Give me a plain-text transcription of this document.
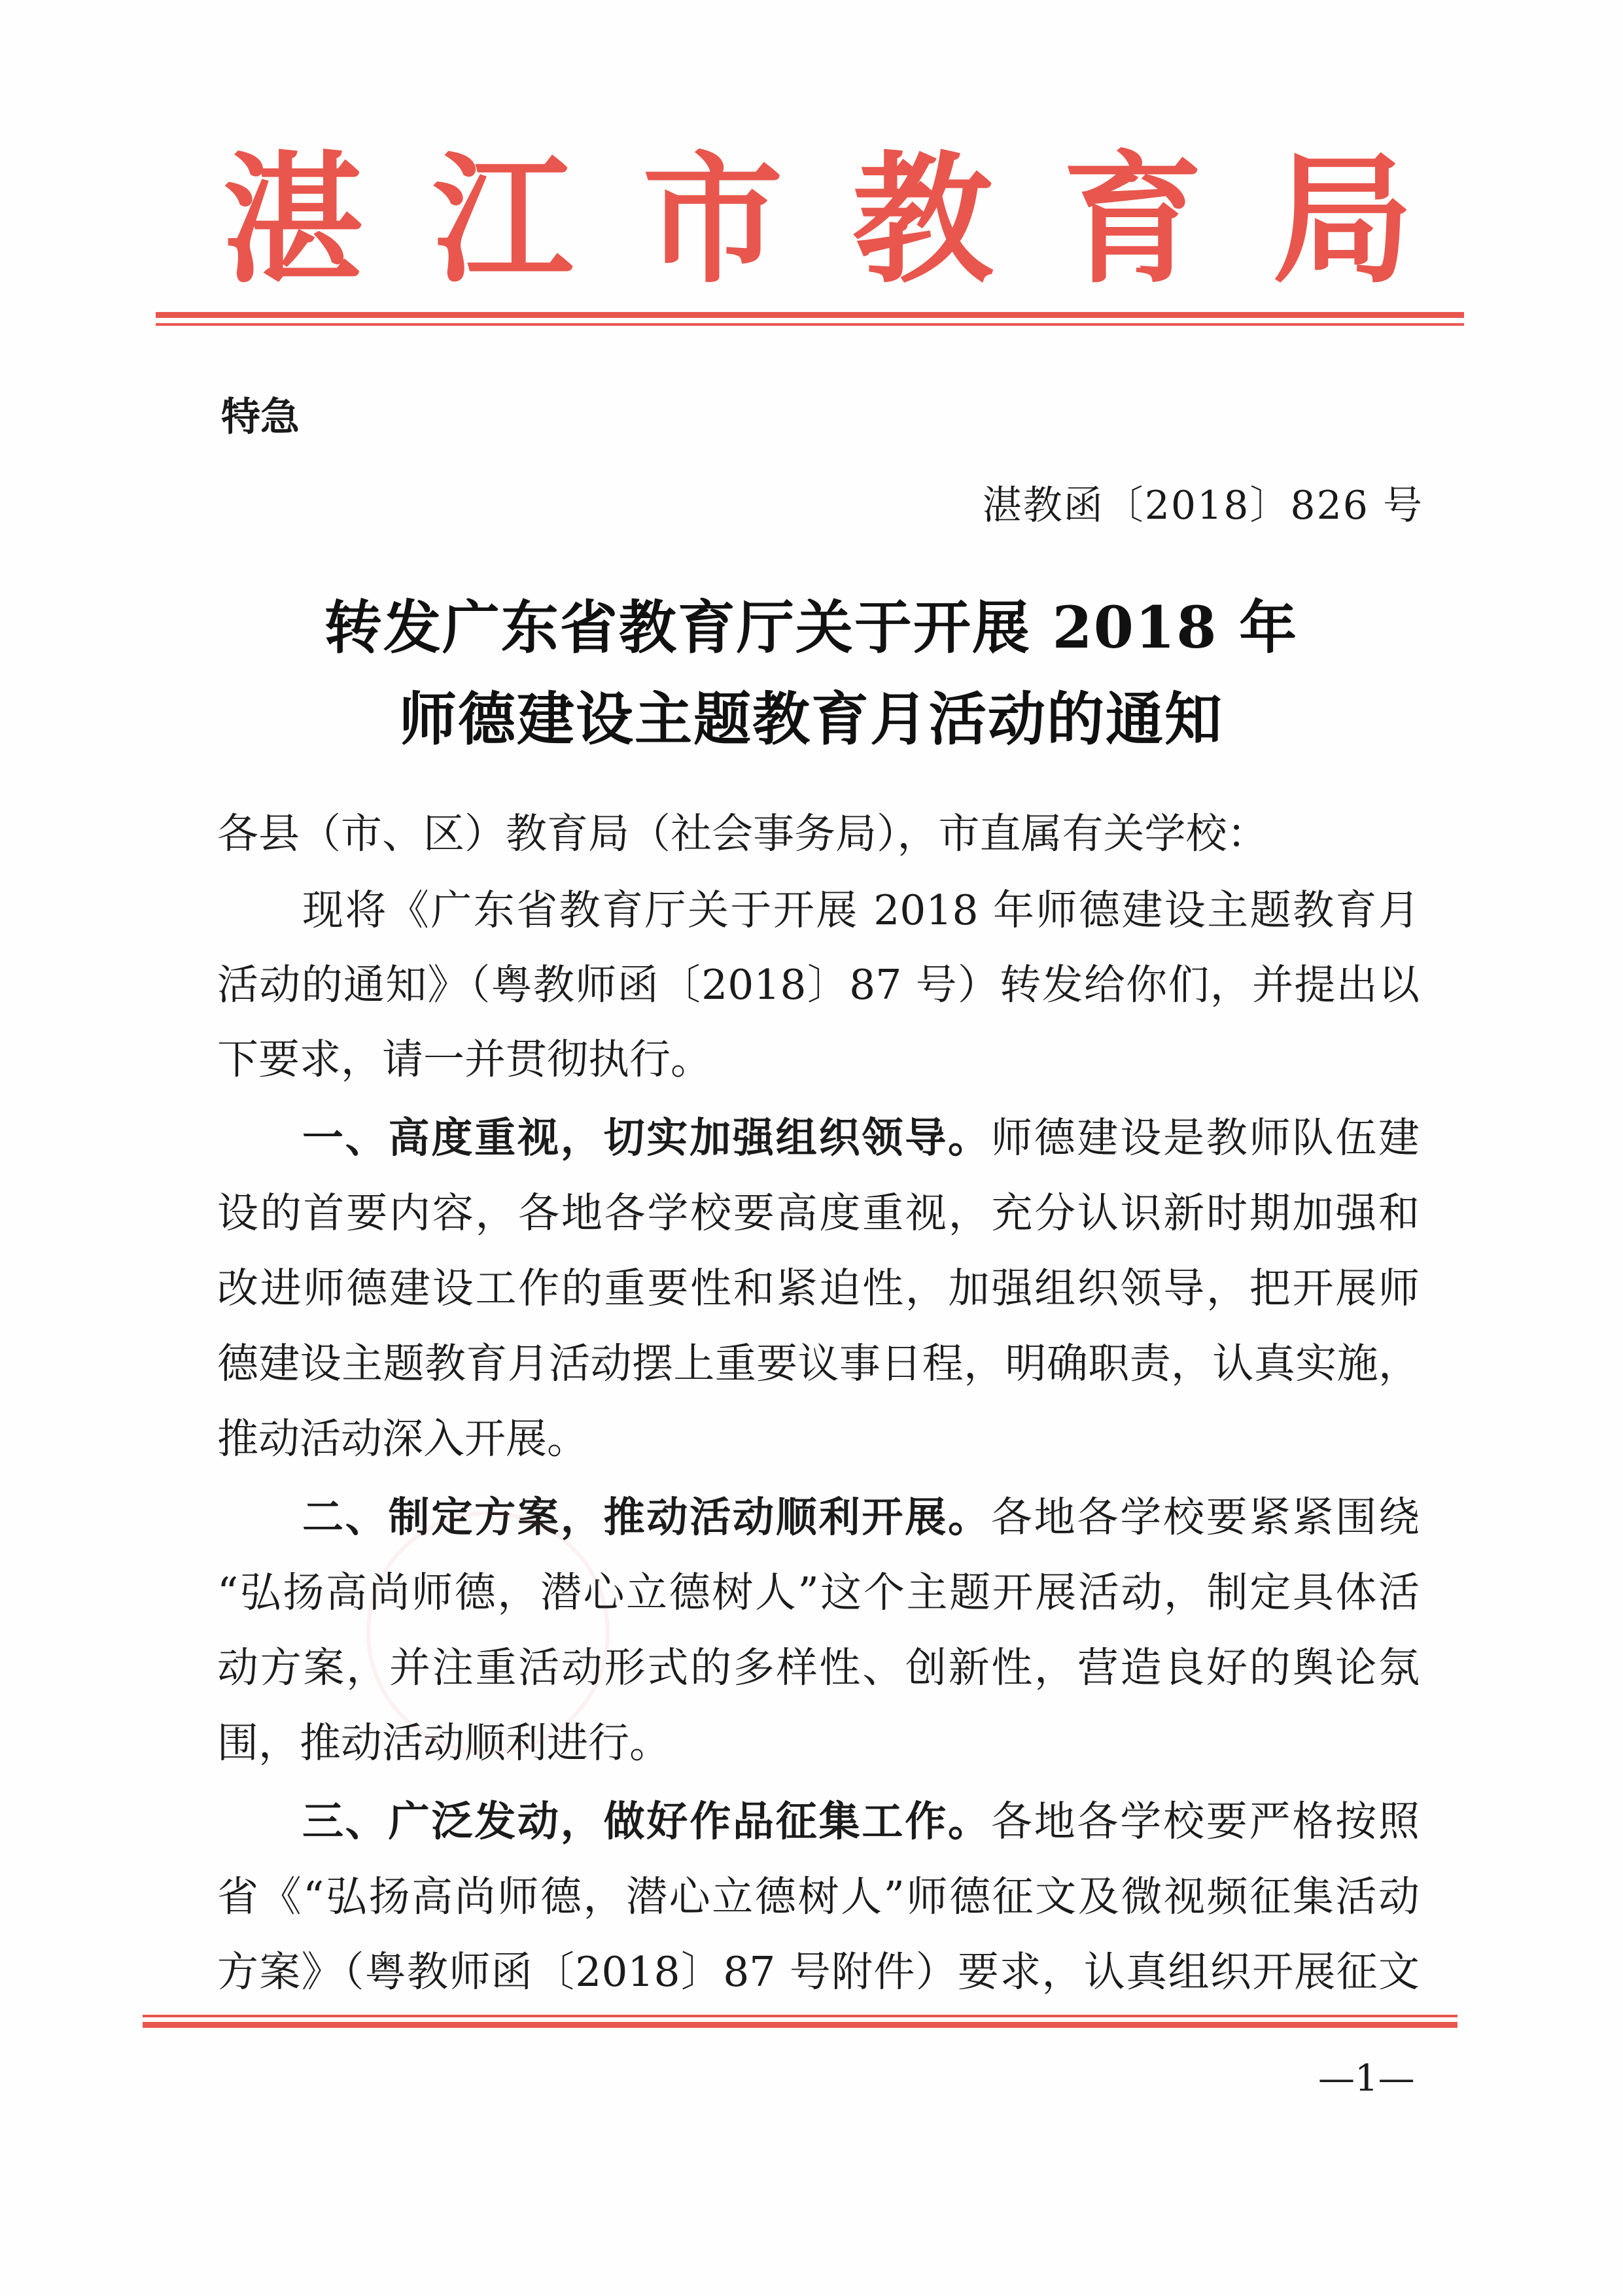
湛 江 市 教 育 局
特急
湛教函〔2018〕826 号
转发广东省教育厅关于开展 2018 年
师德建设主题教育月活动的通知
各县（市、区）教育局（社会事务局），市直属有关学校：
现将《广东省教育厅关于开展 2018 年师德建设主题教育月
活动的通知》（粤教师函〔2018〕87 号）转发给你们，并提出以
下要求，请一并贯彻执行。
一、高度重视，切实加强组织领导。师德建设是教师队伍建
设的首要内容，各地各学校要高度重视，充分认识新时期加强和
改进师德建设工作的重要性和紧迫性，加强组织领导，把开展师
德建设主题教育月活动摆上重要议事日程，明确职责，认真实施，
推动活动深入开展。
二、制定方案，推动活动顺利开展。各地各学校要紧紧围绕
“弘扬高尚师德，潜心立德树人”这个主题开展活动，制定具体活
动方案，并注重活动形式的多样性、创新性，营造良好的舆论氛
围，推动活动顺利进行。
三、广泛发动，做好作品征集工作。各地各学校要严格按照
省《“弘扬高尚师德，潜心立德树人”师德征文及微视频征集活动
方案》（粤教师函〔2018〕87 号附件）要求，认真组织开展征文
—1—
